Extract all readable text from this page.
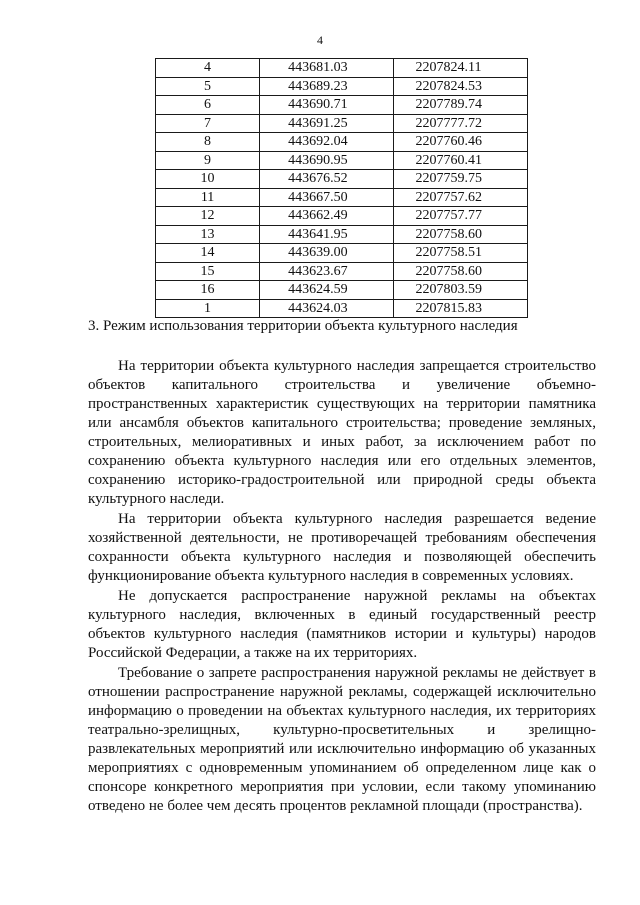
4
4	443681.03	2207824.11
5	443689.23	2207824.53
6	443690.71	2207789.74
7	443691.25	2207777.72
8	443692.04	2207760.46
9	443690.95	2207760.41
10	443676.52	2207759.75
11	443667.50	2207757.62
12	443662.49	2207757.77
13	443641.95	2207758.60
14	443639.00	2207758.51
15	443623.67	2207758.60
16	443624.59	2207803.59
1	443624.03	2207815.83
3. Режим использования территории объекта культурного наследия

На территории объекта культурного наследия запрещается строительство объектов капитального строительства и увеличение объемно-пространственных характеристик существующих на территории памятника или ансамбля объектов капитального строительства; проведение земляных, строительных, мелиоративных и иных работ, за исключением работ по сохранению объекта культурного наследия или его отдельных элементов, сохранению историко-градостроительной или природной среды объекта культурного наследи.

На территории объекта культурного наследия разрешается ведение хозяйственной деятельности, не противоречащей требованиям обеспечения сохранности объекта культурного наследия и позволяющей обеспечить функционирование объекта культурного наследия в современных условиях.

Не допускается распространение наружной рекламы на объектах культурного наследия, включенных в единый государственный реестр объектов культурного наследия (памятников истории и культуры) народов Российской Федерации, а также на их территориях.

Требование о запрете распространения наружной рекламы не действует в отношении распространение наружной рекламы, содержащей исключительно информацию о проведении на объектах культурного наследия, их территориях театрально-зрелищных, культурно-просветительных и зрелищно-развлекательных мероприятий или исключительно информацию об указанных мероприятиях с одновременным упоминанием об определенном лице как о спонсоре конкретного мероприятия при условии, если такому упоминанию отведено не более чем десять процентов рекламной площади (пространства).
